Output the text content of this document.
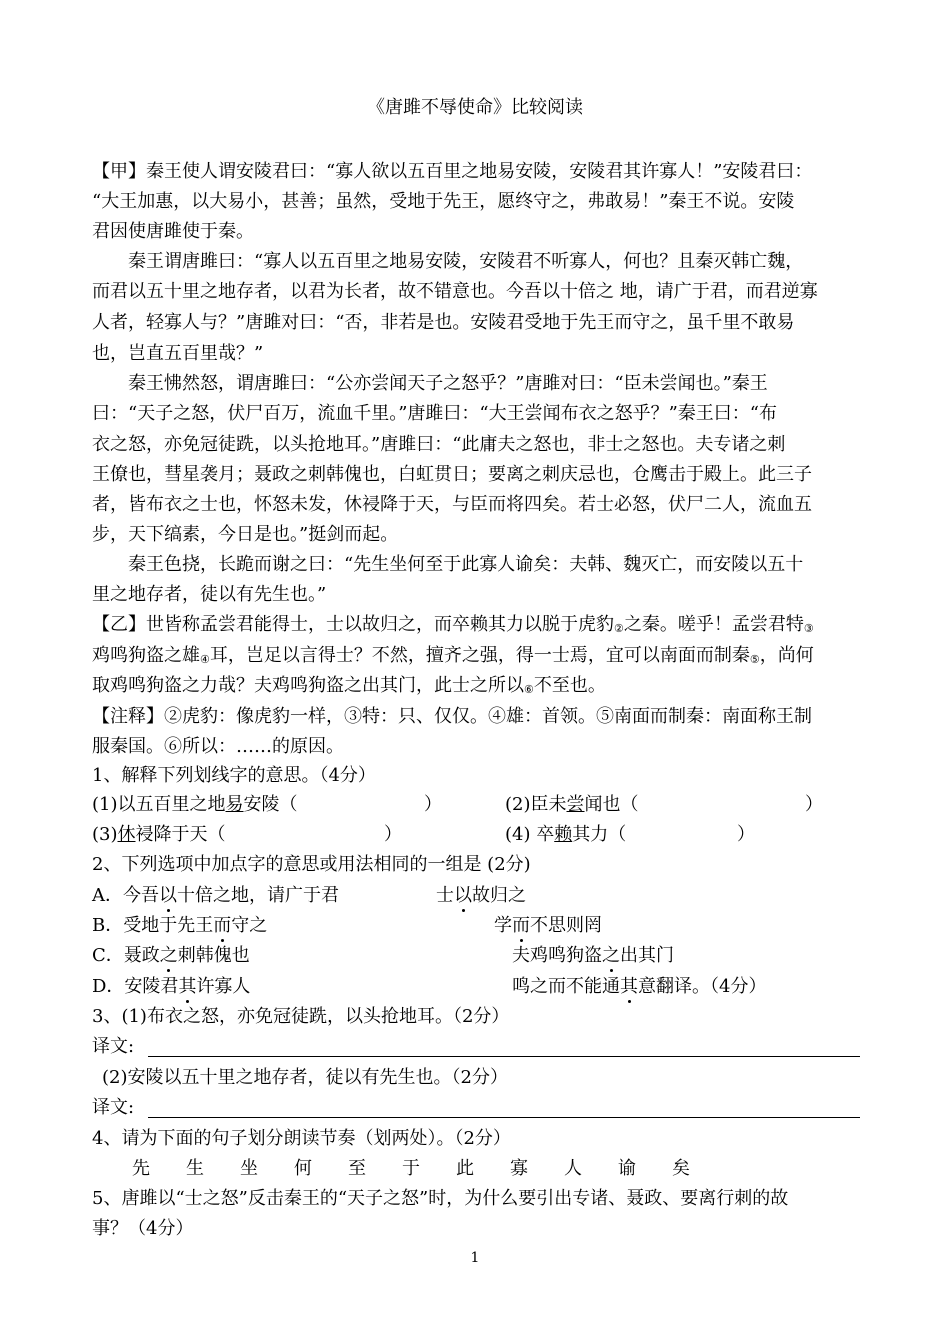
《唐雎不辱使命》比较阅读
【甲】秦王使人谓安陵君曰：“寡人欲以五百里之地易安陵，安陵君其许寡人！”安陵君曰：
“大王加惠，以大易小，甚善；虽然，受地于先王，愿终守之，弗敢易！”秦王不说。安陵
君因使唐雎使于秦。
秦王谓唐雎曰：“寡人以五百里之地易安陵，安陵君不听寡人，何也？且秦灭韩亡魏，
而君以五十里之地存者，以君为长者，故不错意也。今吾以十倍之 地，请广于君，而君逆寡
人者，轻寡人与？”唐雎对曰：“否，非若是也。安陵君受地于先王而守之，虽千里不敢易
也，岂直五百里哉？”
秦王怫然怒，谓唐雎曰：“公亦尝闻天子之怒乎？”唐雎对曰：“臣未尝闻也。”秦王
曰：“天子之怒，伏尸百万，流血千里。”唐雎曰：“大王尝闻布衣之怒乎？”秦王曰：“布
衣之怒，亦免冠徒跣，以头抢地耳。”唐雎曰：“此庸夫之怒也，非士之怒也。夫专诸之刺
王僚也，彗星袭月；聂政之刺韩傀也，白虹贯日；要离之刺庆忌也，仓鹰击于殿上。此三子
者，皆布衣之士也，怀怒未发，休祲降于天，与臣而将四矣。若士必怒，伏尸二人，流血五
步，天下缟素，今日是也。”挺剑而起。
秦王色挠，长跪而谢之曰：“先生坐何至于此寡人谕矣：夫韩、魏灭亡，而安陵以五十
里之地存者，徒以有先生也。”
【乙】世皆称孟尝君能得士，士以故归之，而卒赖其力以脱于虎豹②之秦。嗟乎！孟尝君特③
鸡鸣狗盗之雄④耳，岂足以言得士？不然，擅齐之强，得一士焉，宜可以南面而制秦⑤，尚何
取鸡鸣狗盗之力哉？夫鸡鸣狗盗之出其门，此士之所以⑥不至也。
【注释】②虎豹：像虎豹一样，③特：只、仅仅。④雄：首领。⑤南面而制秦：南面称王制
服秦国。⑥所以：……的原因。
1、解释下列划线字的意思。（4分）
(1)以五百里之地易安陵（	）	(2)臣未尝闻也（	）
(3)休祲降于天（	）	(4) 卒赖其力（	）
2、下列选项中加点字的意思或用法相同的一组是 (2分)
A．今吾以十倍之地，请广于君	士以故归之
B．受地于先王而守之	学而不思则罔
C．聂政之刺韩傀也	夫鸡鸣狗盗之出其门
D．安陵君其许寡人	鸣之而不能通其意翻译。（4分）
3、(1)布衣之怒，亦免冠徒跣，以头抢地耳。（2分）
译文:
(2)安陵以五十里之地存者，徒以有先生也。（2分）
译文:
4、请为下面的句子划分朗读节奏（划两处）。（2分）
先 生 坐 何 至 于 此 寡 人 谕 矣
5、唐雎以“士之怒”反击秦王的“天子之怒”时，为什么要引出专诸、聂政、要离行刺的故
事？（4分）
1
